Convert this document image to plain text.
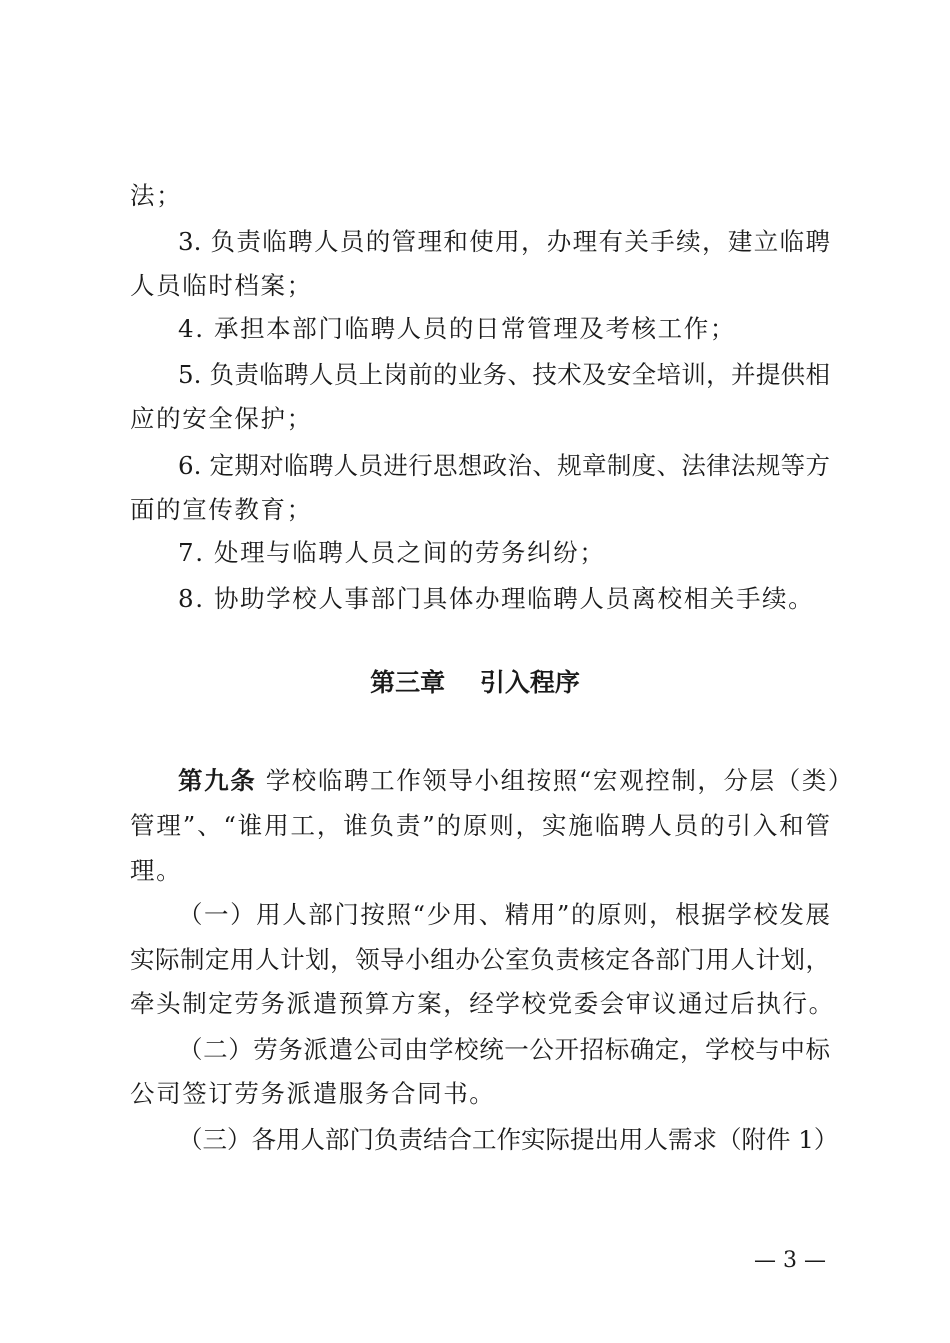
法；
3. 负责临聘人员的管理和使用，办理有关手续，建立临聘
人员临时档案；
4. 承担本部门临聘人员的日常管理及考核工作；
5. 负责临聘人员上岗前的业务、技术及安全培训，并提供相
应的安全保护；
6. 定期对临聘人员进行思想政治、规章制度、法律法规等方
面的宣传教育；
7. 处理与临聘人员之间的劳务纠纷；
8. 协助学校人事部门具体办理临聘人员离校相关手续。
第三章    引入程序
第九条 学校临聘工作领导小组按照“宏观控制，分层（类）
管理”、“谁用工，谁负责”的原则，实施临聘人员的引入和管
理。
（一）用人部门按照“少用、精用”的原则，根据学校发展
实际制定用人计划，领导小组办公室负责核定各部门用人计划，
牵头制定劳务派遣预算方案，经学校党委会审议通过后执行。
（二）劳务派遣公司由学校统一公开招标确定，学校与中标
公司签订劳务派遣服务合同书。
（三）各用人部门负责结合工作实际提出用人需求（附件 1）
— 3 —
